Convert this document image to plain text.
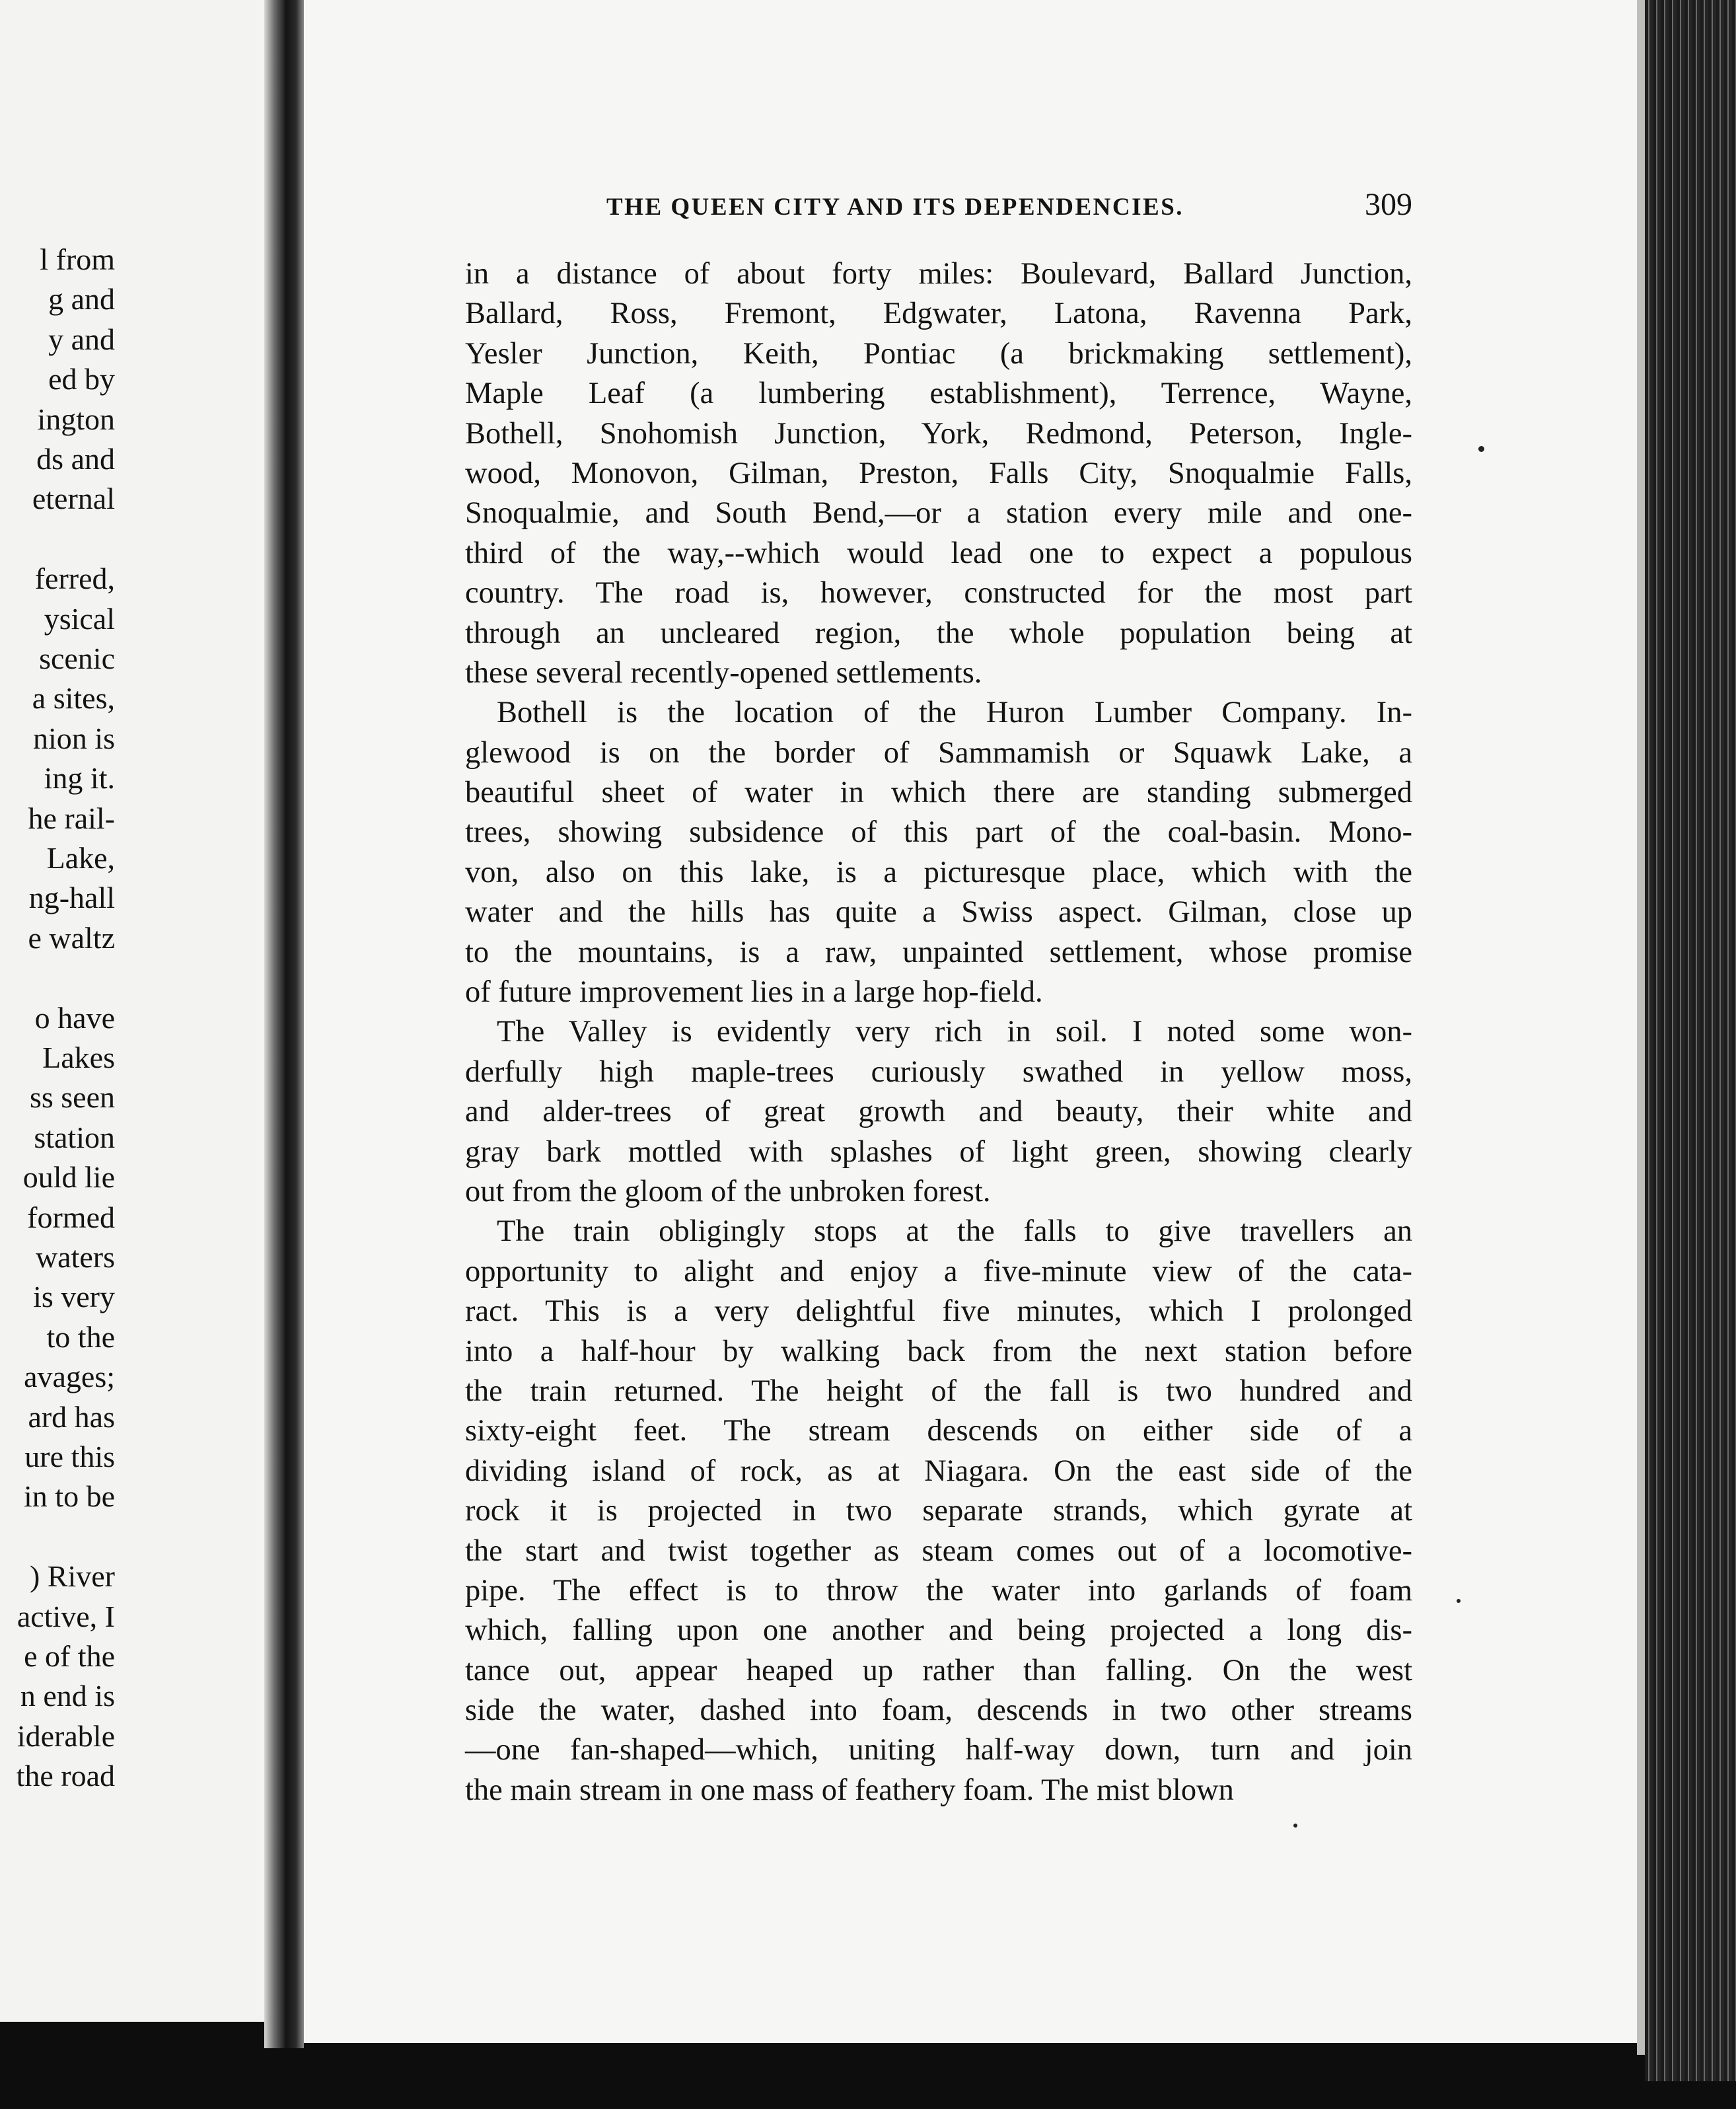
l from
g and
y and
ed by
ington
ds and
eternal
ferred,
ysical
scenic
a sites,
nion is
ing it.
he rail-
Lake,
ng-hall
e waltz
o have
Lakes
ss seen
station
ould lie
formed
waters
is very
to the
avages;
ard has
ure this
in to be
) River
active, I
e of the
n end is
iderable
the road
THE QUEEN CITY AND ITS DEPENDENCIES.	309
in a distance of about forty miles: Boulevard, Ballard Junction,
Ballard, Ross, Fremont, Edgwater, Latona, Ravenna Park,
Yesler Junction, Keith, Pontiac (a brickmaking settlement),
Maple Leaf (a lumbering establishment), Terrence, Wayne,
Bothell, Snohomish Junction, York, Redmond, Peterson, Ingle-
wood, Monovon, Gilman, Preston, Falls City, Snoqualmie Falls,
Snoqualmie, and South Bend,—or a station every mile and one-
third of the way,--which would lead one to expect a populous
country. The road is, however, constructed for the most part
through an uncleared region, the whole population being at
these several recently-opened settlements.
Bothell is the location of the Huron Lumber Company. In-
glewood is on the border of Sammamish or Squawk Lake, a
beautiful sheet of water in which there are standing submerged
trees, showing subsidence of this part of the coal-basin. Mono-
von, also on this lake, is a picturesque place, which with the
water and the hills has quite a Swiss aspect. Gilman, close up
to the mountains, is a raw, unpainted settlement, whose promise
of future improvement lies in a large hop-field.
The Valley is evidently very rich in soil. I noted some won-
derfully high maple-trees curiously swathed in yellow moss,
and alder-trees of great growth and beauty, their white and
gray bark mottled with splashes of light green, showing clearly
out from the gloom of the unbroken forest.
The train obligingly stops at the falls to give travellers an
opportunity to alight and enjoy a five-minute view of the cata-
ract. This is a very delightful five minutes, which I prolonged
into a half-hour by walking back from the next station before
the train returned. The height of the fall is two hundred and
sixty-eight feet. The stream descends on either side of a
dividing island of rock, as at Niagara. On the east side of the
rock it is projected in two separate strands, which gyrate at
the start and twist together as steam comes out of a locomotive-
pipe. The effect is to throw the water into garlands of foam
which, falling upon one another and being projected a long dis-
tance out, appear heaped up rather than falling. On the west
side the water, dashed into foam, descends in two other streams
—one fan-shaped—which, uniting half-way down, turn and join
the main stream in one mass of feathery foam. The mist blown
